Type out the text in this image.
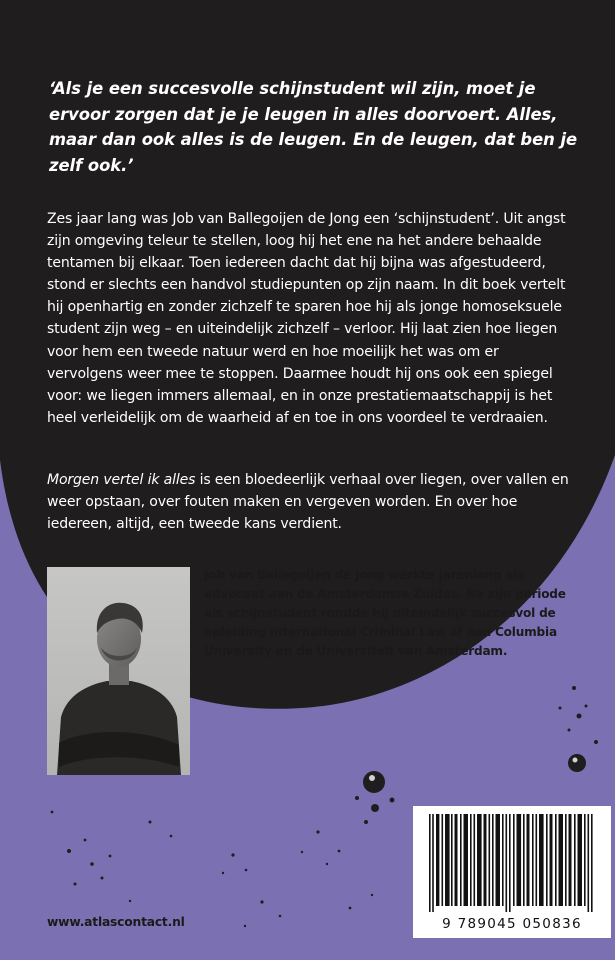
‘Als je een succesvolle schijnstudent wil zijn, moet je ervoor zorgen dat je je leugen in alles doorvoert. Alles, maar dan ook alles is de leugen. En de leugen, dat ben je zelf ook.’

Zes jaar lang was Job van Ballegoijen de Jong een ‘schijnstudent’. Uit angst zijn omgeving teleur te stellen, loog hij het ene na het andere behaalde tentamen bij elkaar. Toen iedereen dacht dat hij bijna was afgestudeerd, stond er slechts een handvol studiepunten op zijn naam. In dit boek vertelt hij openhartig en zonder zichzelf te sparen hoe hij als jonge homoseksuele student zijn weg – en uiteindelijk zichzelf – verloor. Hij laat zien hoe liegen voor hem een tweede natuur werd en hoe moeilijk het was om er vervolgens weer mee te stoppen. Daarmee houdt hij ons ook een spiegel voor: we liegen immers allemaal, en in onze prestatiemaatschappij is het heel verleidelijk om de waarheid af en toe in ons voordeel te verdraaien.

Morgen vertel ik alles is een bloedeerlijk verhaal over liegen, over vallen en weer opstaan, over fouten maken en vergeven worden. En over hoe iedereen, altijd, een tweede kans verdient.

Job van Ballegoijen de Jong werkte jarenlang als advocaat aan de Amsterdamse Zuidas. Na zijn periode als schijnstudent rondde hij uiteindelijk succesvol de opleiding International Criminal Law af aan Columbia University en de Universiteit van Amsterdam.

www.atlascontact.nl	9 789045 050836
